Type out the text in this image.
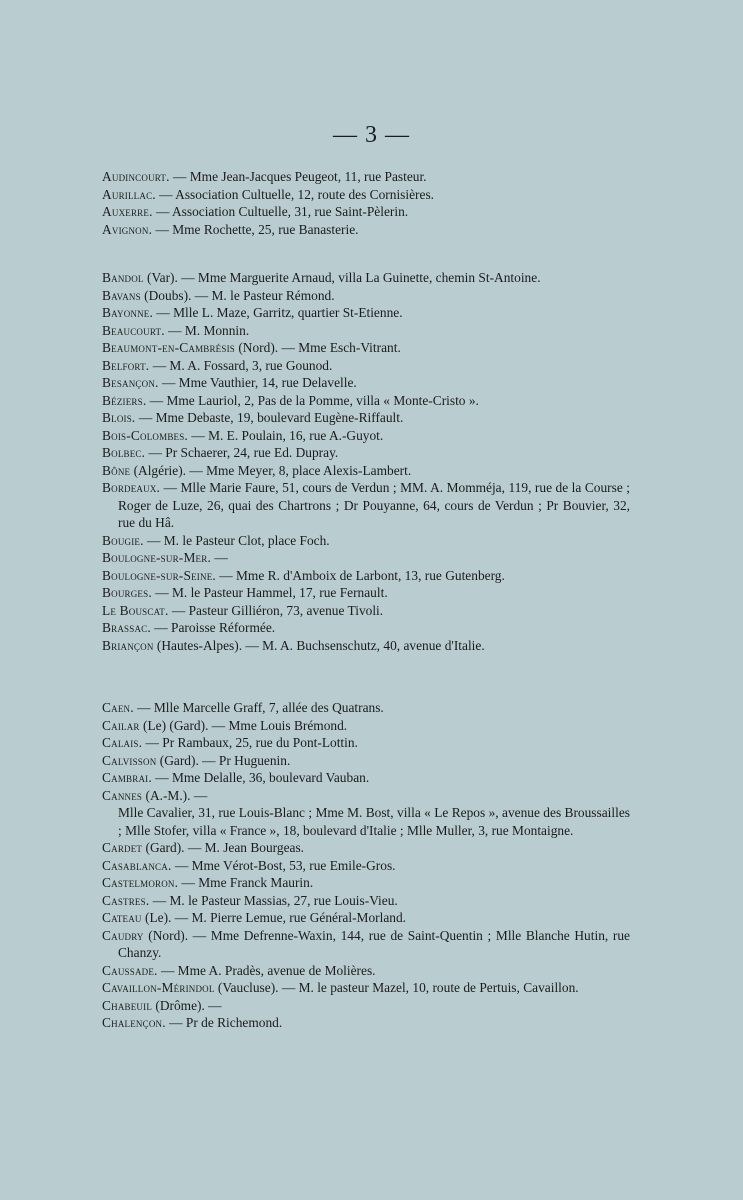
— 3 —
Audincourt. — Mme Jean-Jacques Peugeot, 11, rue Pasteur.
Aurillac. — Association Cultuelle, 12, route des Cornisières.
Auxerre. — Association Cultuelle, 31, rue Saint-Pèlerin.
Avignon. — Mme Rochette, 25, rue Banasterie.
Bandol (Var). — Mme Marguerite Arnaud, villa La Guinette, chemin St-Antoine.
Bavans (Doubs). — M. le Pasteur Rémond.
Bayonne. — Mlle L. Maze, Garritz, quartier St-Etienne.
Beaucourt. — M. Monnin.
Beaumont-en-Cambrésis (Nord). — Mme Esch-Vitrant.
Belfort. — M. A. Fossard, 3, rue Gounod.
Besançon. — Mme Vauthier, 14, rue Delavelle.
Béziers. — Mme Lauriol, 2, Pas de la Pomme, villa « Monte-Cristo ».
Blois. — Mme Debaste, 19, boulevard Eugène-Riffault.
Bois-Colombes. — M. E. Poulain, 16, rue A.-Guyot.
Bolbec. — Pr Schaerer, 24, rue Ed. Dupray.
Bône (Algérie). — Mme Meyer, 8, place Alexis-Lambert.
Bordeaux. — Mlle Marie Faure, 51, cours de Verdun ; MM. A. Momméja, 119, rue de la Course ; Roger de Luze, 26, quai des Chartrons ; Dr Pouyanne, 64, cours de Verdun ; Pr Bouvier, 32, rue du Hâ.
Bougie. — M. le Pasteur Clot, place Foch.
Boulogne-sur-Mer. —
Boulogne-sur-Seine. — Mme R. d'Amboix de Larbont, 13, rue Gutenberg.
Bourges. — M. le Pasteur Hammel, 17, rue Fernault.
Le Bouscat. — Pasteur Gilliéron, 73, avenue Tivoli.
Brassac. — Paroisse Réformée.
Briançon (Hautes-Alpes). — M. A. Buchsenschutz, 40, avenue d'Italie.
Caen. — Mlle Marcelle Graff, 7, allée des Quatrans.
Cailar (Le) (Gard). — Mme Louis Brémond.
Calais. — Pr Rambaux, 25, rue du Pont-Lottin.
Calvisson (Gard). — Pr Huguenin.
Cambrai. — Mme Delalle, 36, boulevard Vauban.
Cannes (A.-M.). —
Mlle Cavalier, 31, rue Louis-Blanc ; Mme M. Bost, villa « Le Repos », avenue des Broussailles ; Mlle Stofer, villa « France », 18, boulevard d'Italie ; Mlle Muller, 3, rue Montaigne.
Cardet (Gard). — M. Jean Bourgeas.
Casablanca. — Mme Vérot-Bost, 53, rue Emile-Gros.
Castelmoron. — Mme Franck Maurin.
Castres. — M. le Pasteur Massias, 27, rue Louis-Vieu.
Cateau (Le). — M. Pierre Lemue, rue Général-Morland.
Caudry (Nord). — Mme Defrenne-Waxin, 144, rue de Saint-Quentin ; Mlle Blanche Hutin, rue Chanzy.
Caussade. — Mme A. Pradès, avenue de Molières.
Cavaillon-Mérindol (Vaucluse). — M. le pasteur Mazel, 10, route de Pertuis, Cavaillon.
Chabeuil (Drôme). —
Chalençon. — Pr de Richemond.
